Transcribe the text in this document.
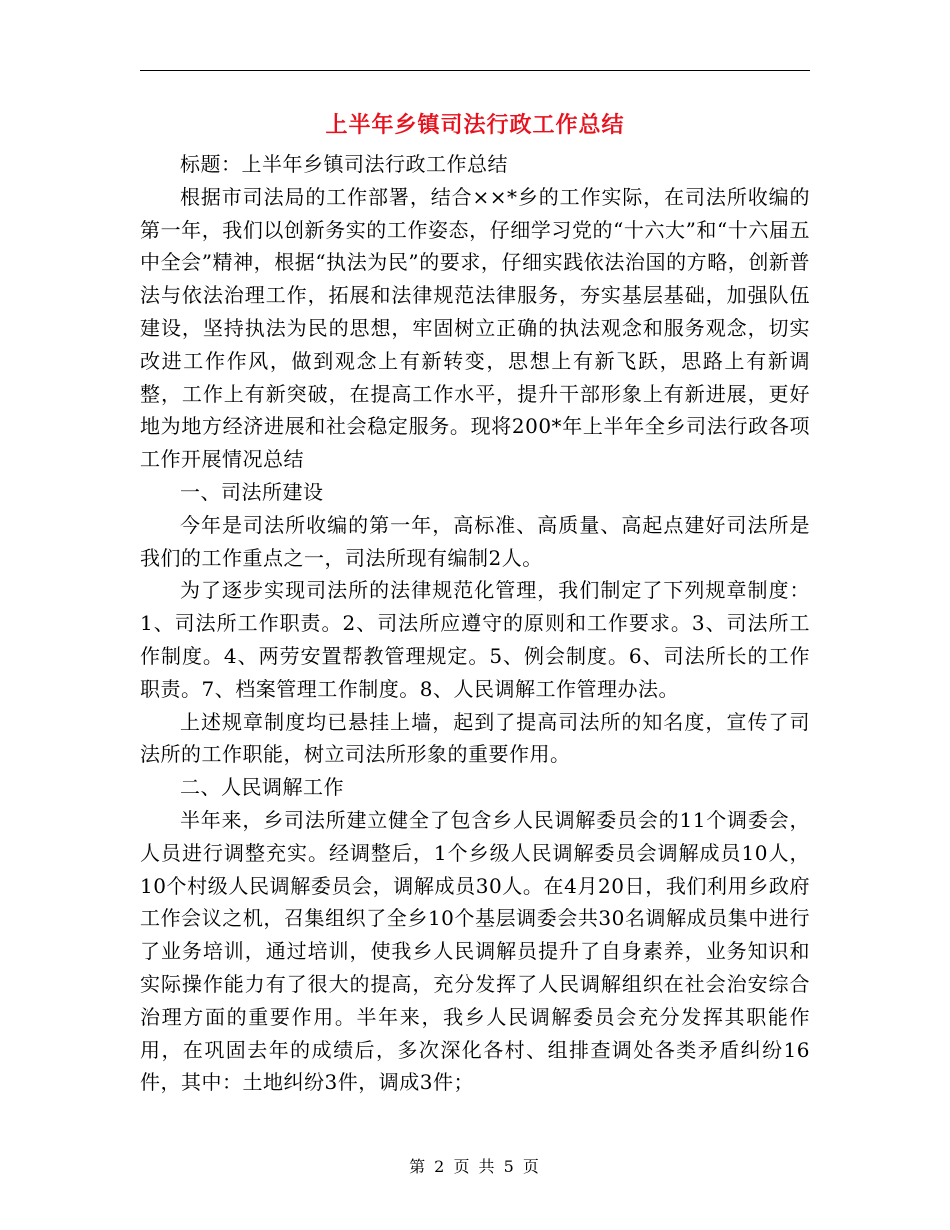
上半年乡镇司法行政工作总结

标题：上半年乡镇司法行政工作总结

根据市司法局的工作部署，结合××*乡的工作实际，在司法所收编的第一年，我们以创新务实的工作姿态，仔细学习党的“十六大”和“十六届五中全会”精神，根据“执法为民”的要求，仔细实践依法治国的方略，创新普法与依法治理工作，拓展和法律规范法律服务，夯实基层基础，加强队伍建设，坚持执法为民的思想，牢固树立正确的执法观念和服务观念，切实改进工作作风，做到观念上有新转变，思想上有新飞跃，思路上有新调整，工作上有新突破，在提高工作水平，提升干部形象上有新进展，更好地为地方经济进展和社会稳定服务。现将200*年上半年全乡司法行政各项工作开展情况总结

一、司法所建设

今年是司法所收编的第一年，高标准、高质量、高起点建好司法所是我们的工作重点之一，司法所现有编制2人。

为了逐步实现司法所的法律规范化管理，我们制定了下列规章制度：1、司法所工作职责。2、司法所应遵守的原则和工作要求。3、司法所工作制度。4、两劳安置帮教管理规定。5、例会制度。6、司法所长的工作职责。7、档案管理工作制度。8、人民调解工作管理办法。

上述规章制度均已悬挂上墙，起到了提高司法所的知名度，宣传了司法所的工作职能，树立司法所形象的重要作用。

二、人民调解工作

半年来，乡司法所建立健全了包含乡人民调解委员会的11个调委会，人员进行调整充实。经调整后，1个乡级人民调解委员会调解成员10人，10个村级人民调解委员会，调解成员30人。在4月20日，我们利用乡政府工作会议之机，召集组织了全乡10个基层调委会共30名调解成员集中进行了业务培训，通过培训，使我乡人民调解员提升了自身素养，业务知识和实际操作能力有了很大的提高，充分发挥了人民调解组织在社会治安综合治理方面的重要作用。半年来，我乡人民调解委员会充分发挥其职能作用，在巩固去年的成绩后，多次深化各村、组排查调处各类矛盾纠纷16件，其中：土地纠纷3件，调成3件；

第 2 页 共 5 页
